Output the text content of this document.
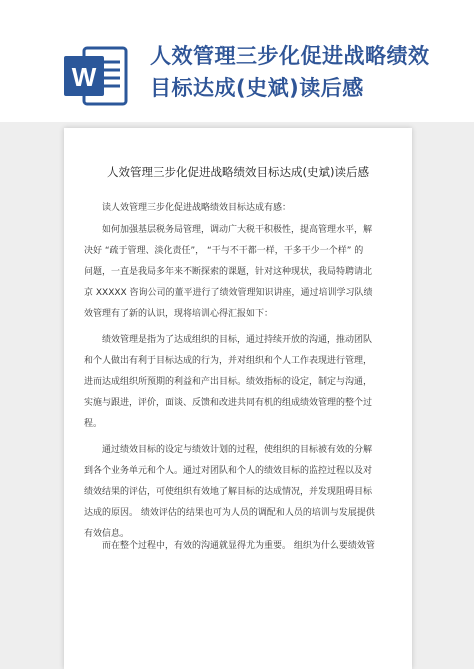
W
人效管理三步化促进战略绩效
目标达成(史斌)读后感
人效管理三步化促进战略绩效目标达成(史斌)读后感

读人效管理三步化促进战略绩效目标达成有感：

如何加强基层税务局管理，调动广大税干积极性，提高管理水平，解
决好 “疏于管理、淡化责任”， “干与不干都一样，干多干少一个样” 的
问题，一直是我局多年来不断探索的课题，针对这种现状，我局特聘请北
京 XXXXX 咨询公司的董平进行了绩效管理知识讲座，通过培训学习队绩
效管理有了新的认识，现将培训心得汇报如下：

绩效管理是指为了达成组织的目标，通过持续开放的沟通，推动团队
和个人做出有利于目标达成的行为，并对组织和个人工作表现进行管理，
进而达成组织所预期的利益和产出目标。绩效指标的设定，制定与沟通，
实施与跟进，评价，面谈、反馈和改进共同有机的组成绩效管理的整个过
程。

通过绩效目标的设定与绩效计划的过程，使组织的目标被有效的分解
到各个业务单元和个人。通过对团队和个人的绩效目标的监控过程以及对
绩效结果的评估，可使组织有效地了解目标的达成情况，并发现阻碍目标
达成的原因。 绩效评估的结果也可为人员的调配和人员的培训与发展提供
有效信息。

而在整个过程中，有效的沟通就显得尤为重要。 组织为什么要绩效管
